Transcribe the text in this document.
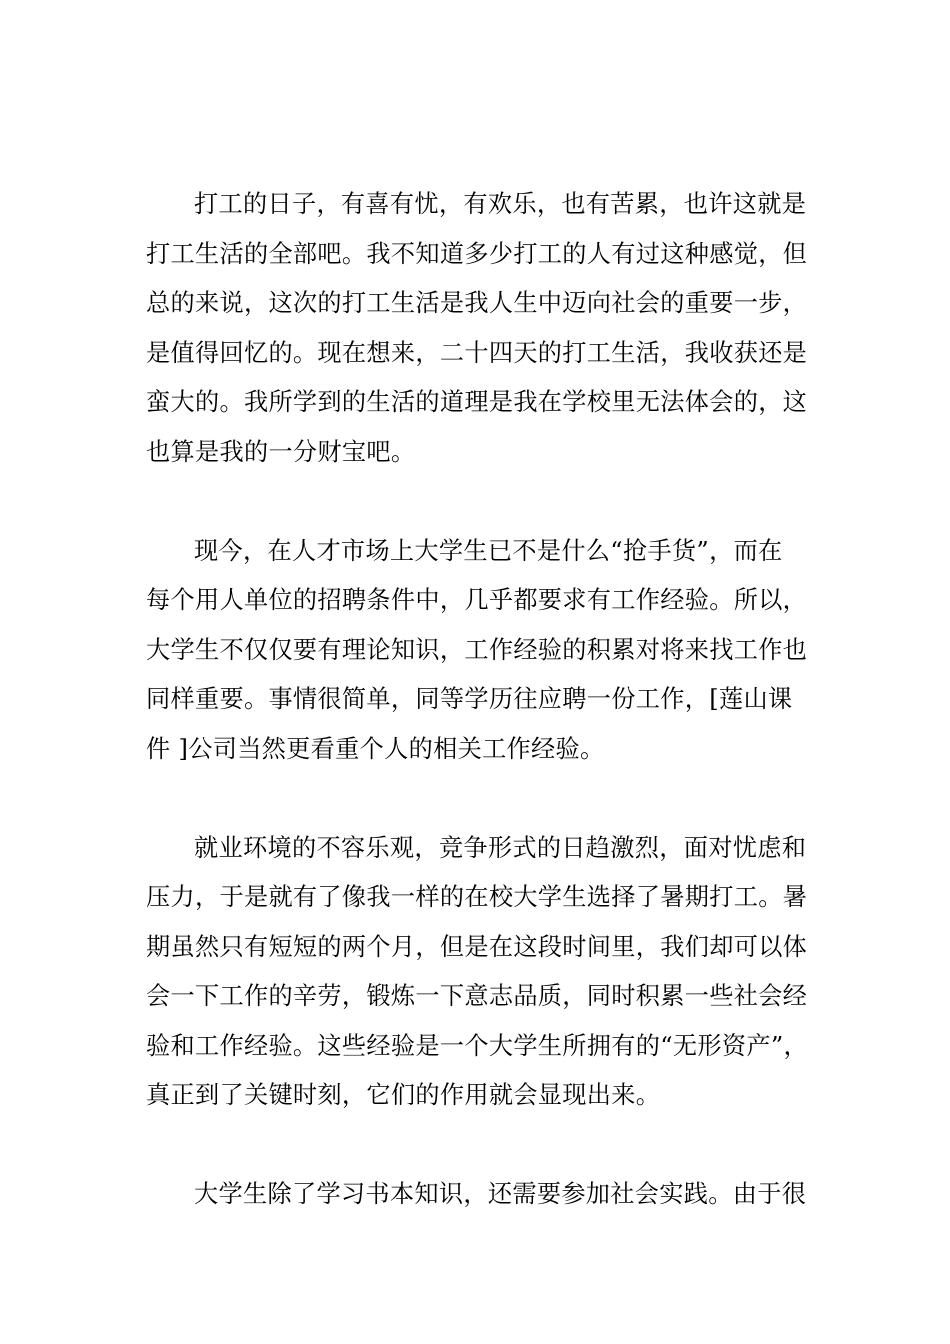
打工的日子，有喜有忧，有欢乐，也有苦累，也许这就是
打工生活的全部吧。我不知道多少打工的人有过这种感觉，但
总的来说，这次的打工生活是我人生中迈向社会的重要一步，
是值得回忆的。现在想来，二十四天的打工生活，我收获还是
蛮大的。我所学到的生活的道理是我在学校里无法体会的，这
也算是我的一分财宝吧。

现今，在人才市场上大学生已不是什么“抢手货”，而在
每个用人单位的招聘条件中，几乎都要求有工作经验。所以，
大学生不仅仅要有理论知识，工作经验的积累对将来找工作也
同样重要。事情很简单，同等学历往应聘一份工作，[莲山课
件 ]公司当然更看重个人的相关工作经验。

就业环境的不容乐观，竞争形式的日趋激烈，面对忧虑和
压力，于是就有了像我一样的在校大学生选择了暑期打工。暑
期虽然只有短短的两个月，但是在这段时间里，我们却可以体
会一下工作的辛劳，锻炼一下意志品质，同时积累一些社会经
验和工作经验。这些经验是一个大学生所拥有的“无形资产”，
真正到了关键时刻，它们的作用就会显现出来。

大学生除了学习书本知识，还需要参加社会实践。由于很
